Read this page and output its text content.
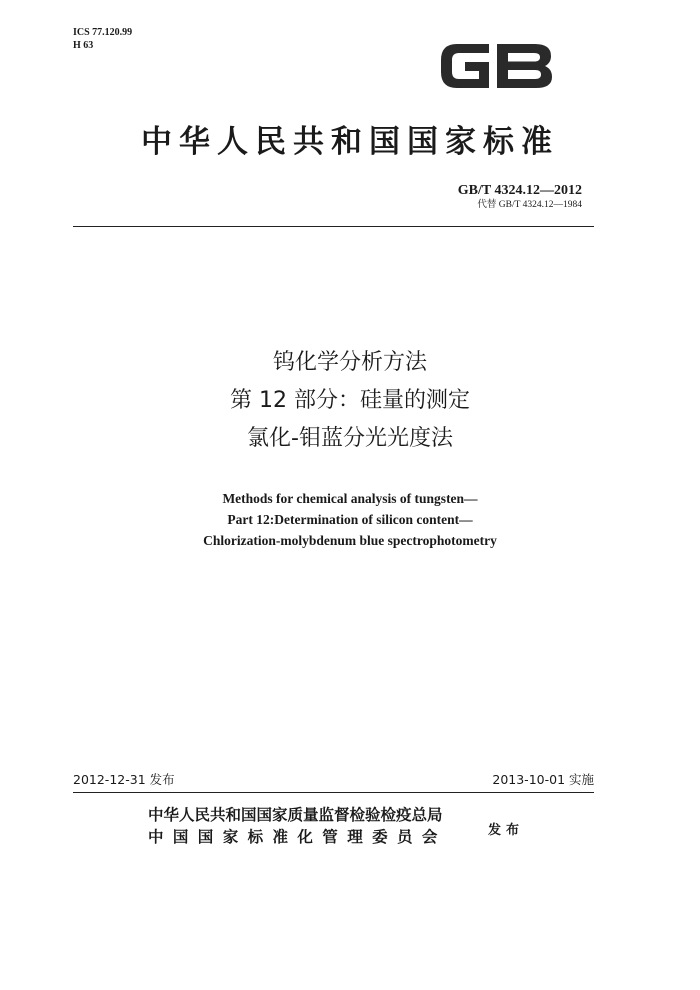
ICS 77.120.99
H 63
中华人民共和国国家标准
GB/T 4324.12—2012
代替 GB/T 4324.12—1984
钨化学分析方法
第 12 部分：硅量的测定
氯化-钼蓝分光光度法
Methods for chemical analysis of tungsten—
Part 12:Determination of silicon content—
Chlorization-molybdenum blue spectrophotometry
2012-12-31 发布	2013-10-01 实施
中华人民共和国国家质量监督检验检疫总局
中国国家标准化管理委员会	发布
